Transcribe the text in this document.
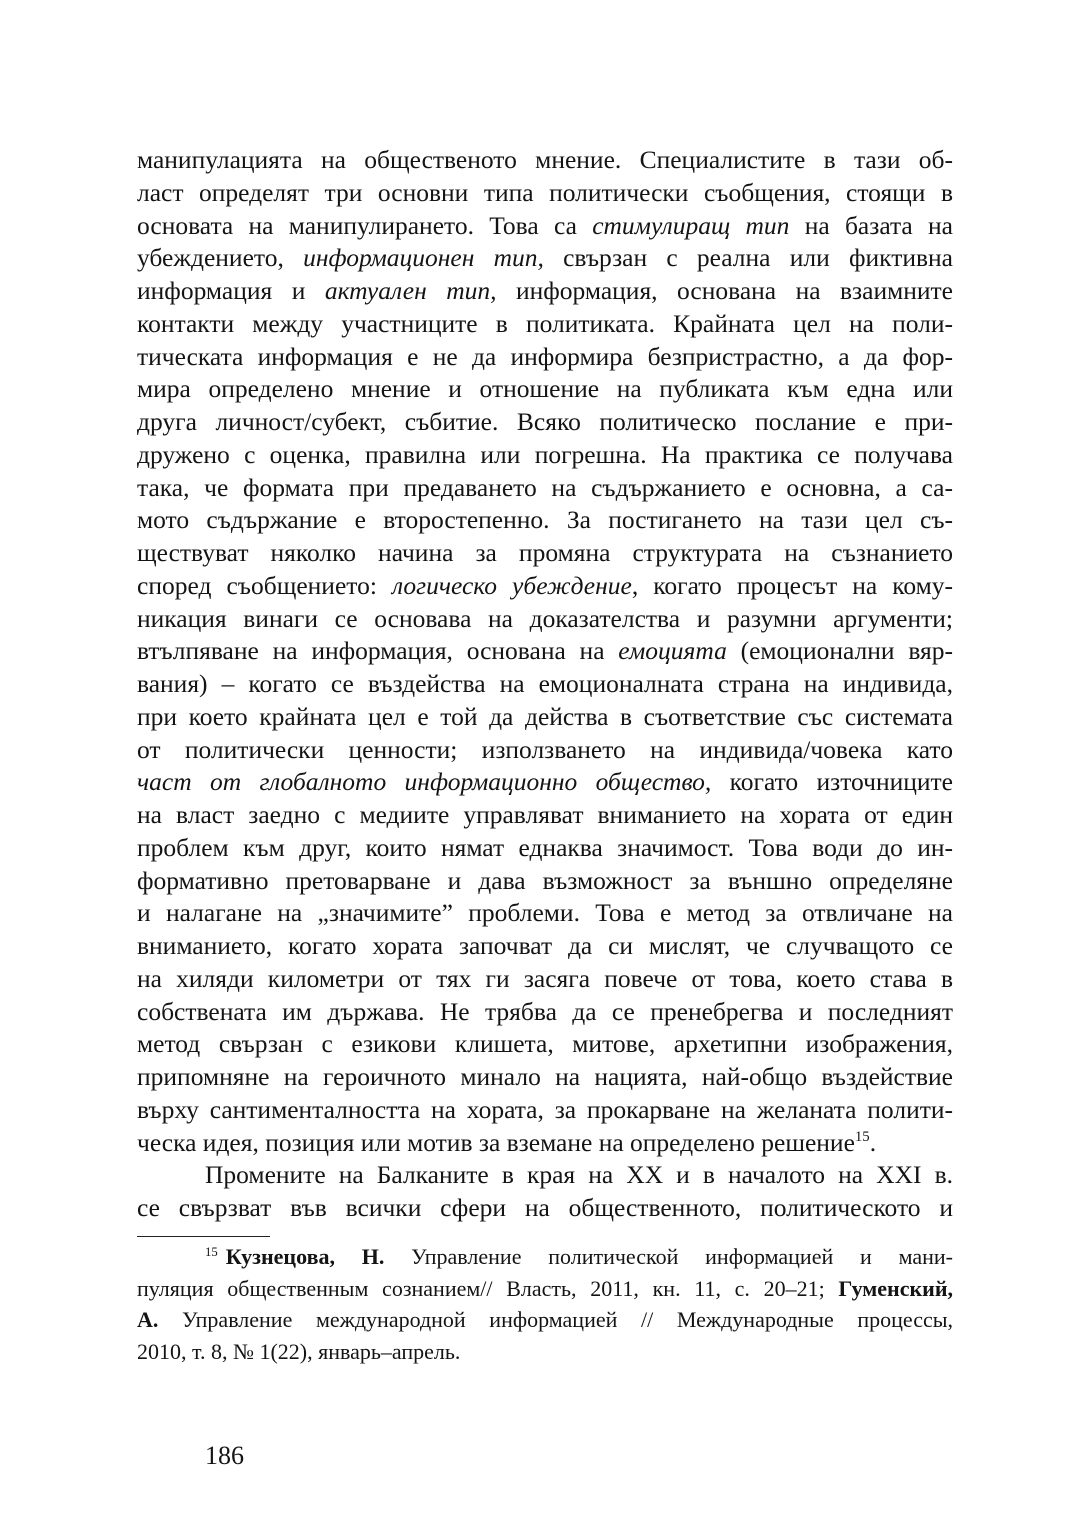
манипулацията на общественото мнение. Специалистите в тази об-
ласт определят три основни типа политически съобщения, стоящи в
основата на манипулирането. Това са стимулиращ тип на базата на
убеждението, информационен тип, свързан с реална или фиктивна
информация и актуален тип, информация, основана на взаимните
контакти между участниците в политиката. Крайната цел на поли-
тическата информация е не да информира безпристрастно, а да фор-
мира определено мнение и отношение на публиката към една или
друга личност/субект, събитие. Всяко политическо послание е при-
дружено с оценка, правилна или погрешна. На практика се получава
така, че формата при предаването на съдържанието е основна, а са-
мото съдържание е второстепенно. За постигането на тази цел съ-
ществуват няколко начина за промяна структурата на съзнанието
според съобщението: логическо убеждение, когато процесът на кому-
никация винаги се основава на доказателства и разумни аргументи;
втълпяване на информация, основана на емоцията (емоционални вяр-
вания) – когато се въздейства на емоционалната страна на индивида,
при което крайната цел е той да действа в съответствие със системата
от политически ценности; използването на индивида/човека като
част от глобалното информационно общество, когато източниците
на власт заедно с медиите управляват вниманието на хората от един
проблем към друг, които нямат еднаква значимост. Това води до ин-
формативно претоварване и дава възможност за външно определяне
и налагане на „значимите” проблеми. Това е метод за отвличане на
вниманието, когато хората започват да си мислят, че случващото се
на хиляди километри от тях ги засяга повече от това, което става в
собствената им държава. Не трябва да се пренебрегва и последният
метод свързан с езикови клишета, митове, архетипни изображения,
припомняне на героичното минало на нацията, най-общо въздействие
върху сантименталността на хората, за прокарване на желаната полити-
ческа идея, позиция или мотив за вземане на определено решение$^{15}$.
Промените на Балканите в края на XX и в началото на XXI в.
се свързват във всички сфери на общественното, политическото и
$^{15}$ Кузнецова, Н. Управление политической информацией и мани-
пуляция общественным сознанием// Власть, 2011, кн. 11, с. 20–21; Гуменский,
А. Управление международной информацией // Международные процессы,
2010, т. 8, № 1(22), январь–апрель.
186
